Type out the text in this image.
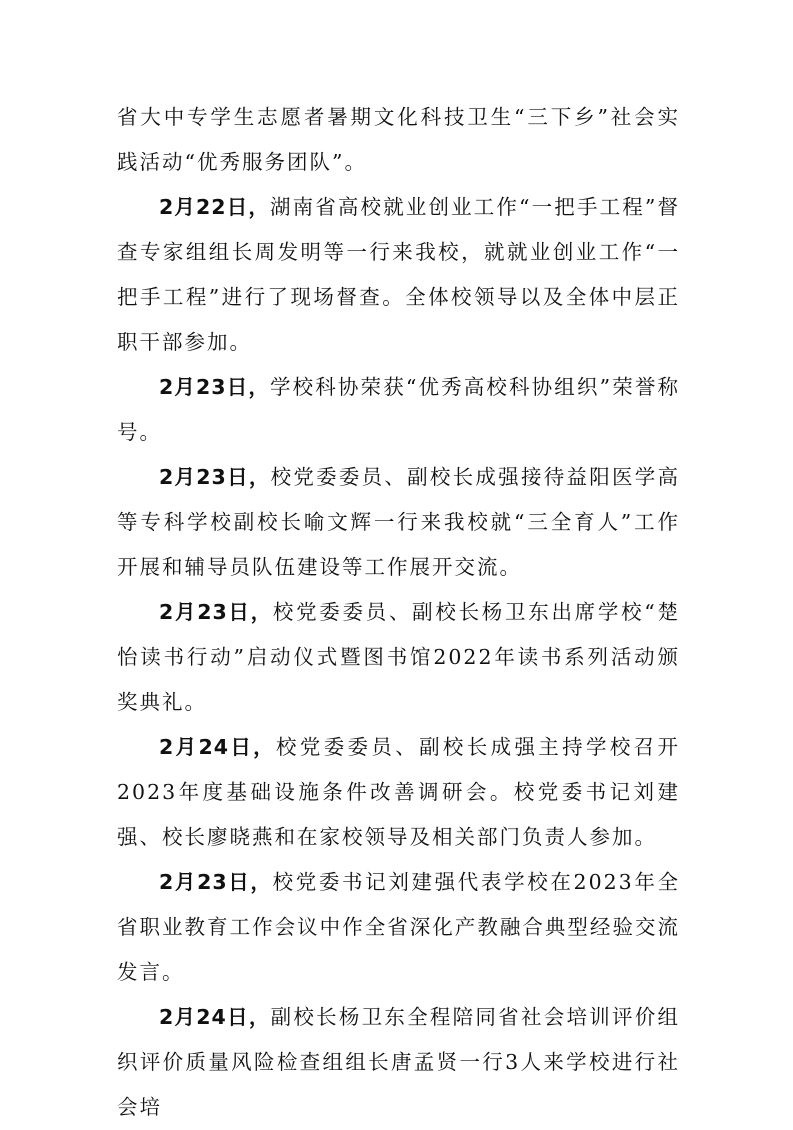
省大中专学生志愿者暑期文化科技卫生“三下乡”社会实践活动“优秀服务团队”。

2月22日，湖南省高校就业创业工作“一把手工程”督查专家组组长周发明等一行来我校，就就业创业工作“一把手工程”进行了现场督查。全体校领导以及全体中层正职干部参加。

2月23日，学校科协荣获“优秀高校科协组织”荣誉称号。

2月23日，校党委委员、副校长成强接待益阳医学高等专科学校副校长喻文辉一行来我校就“三全育人”工作开展和辅导员队伍建设等工作展开交流。

2月23日，校党委委员、副校长杨卫东出席学校“楚怡读书行动”启动仪式暨图书馆2022年读书系列活动颁奖典礼。

2月24日，校党委委员、副校长成强主持学校召开2023年度基础设施条件改善调研会。校党委书记刘建强、校长廖晓燕和在家校领导及相关部门负责人参加。

2月23日，校党委书记刘建强代表学校在2023年全省职业教育工作会议中作全省深化产教融合典型经验交流发言。

2月24日，副校长杨卫东全程陪同省社会培训评价组织评价质量风险检查组组长唐孟贤一行3人来学校进行社会培
